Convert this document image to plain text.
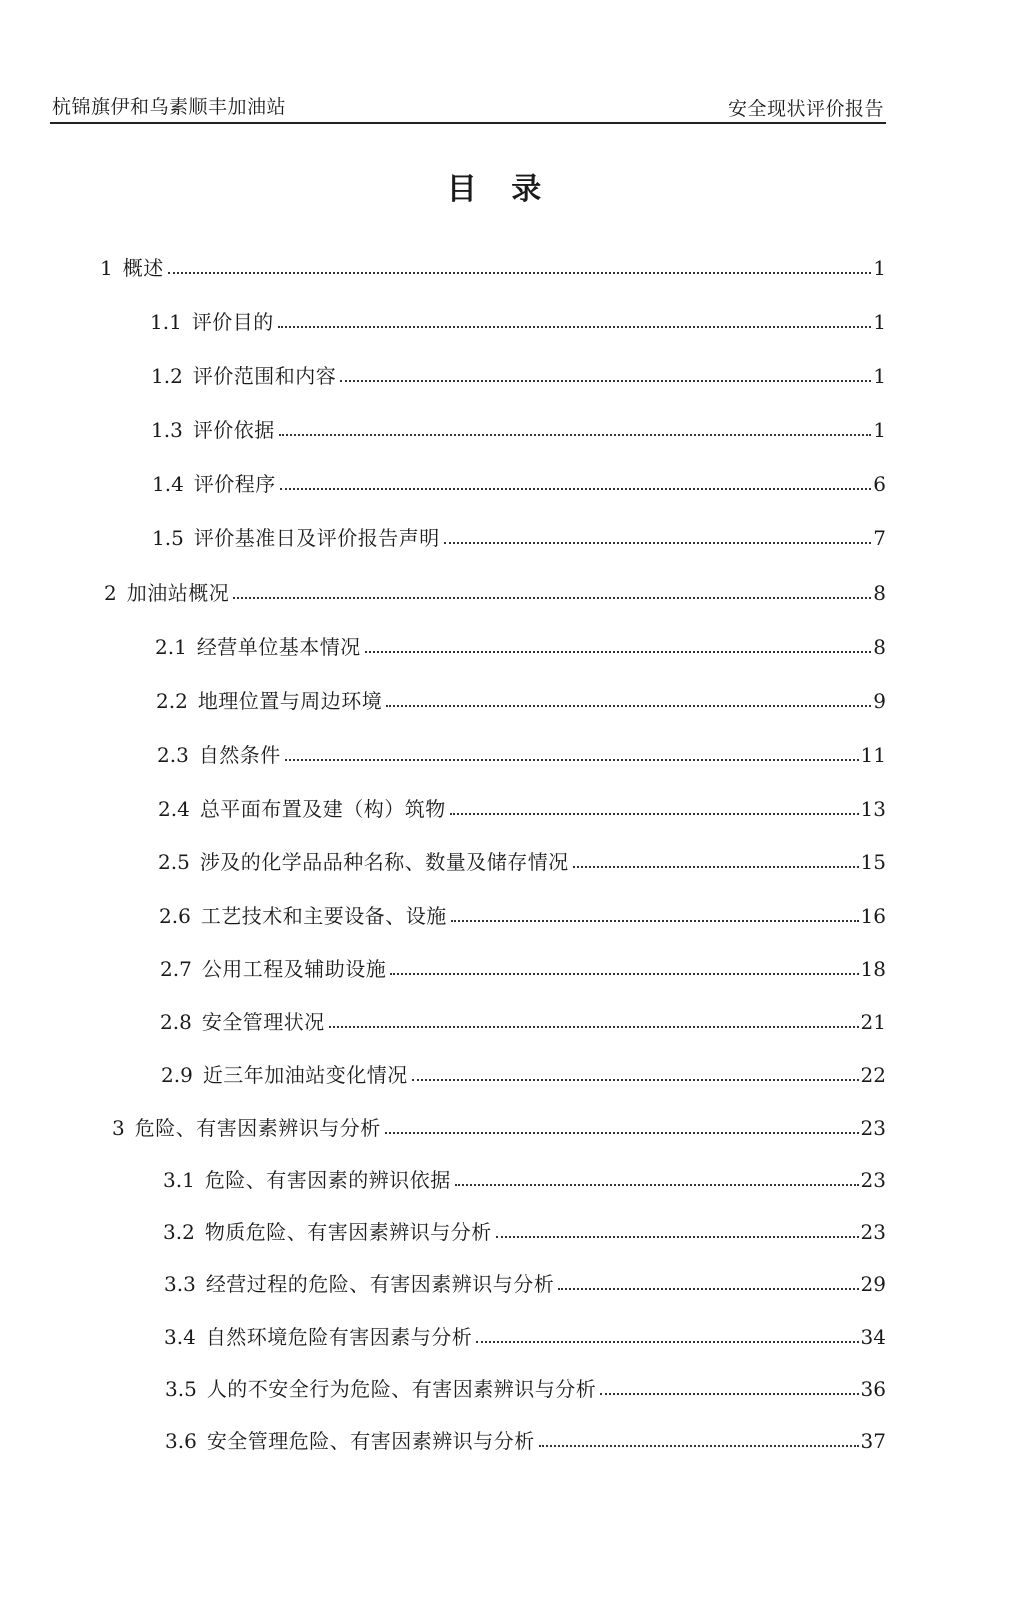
杭锦旗伊和乌素顺丰加油站	安全现状评价报告
目 录
1 概述	1
1.1 评价目的	1
1.2 评价范围和内容	1
1.3 评价依据	1
1.4 评价程序	6
1.5 评价基准日及评价报告声明	7
2 加油站概况	8
2.1 经营单位基本情况	8
2.2 地理位置与周边环境	9
2.3 自然条件	11
2.4 总平面布置及建（构）筑物	13
2.5 涉及的化学品品种名称、数量及储存情况	15
2.6 工艺技术和主要设备、设施	16
2.7 公用工程及辅助设施	18
2.8 安全管理状况	21
2.9 近三年加油站变化情况	22
3 危险、有害因素辨识与分析	23
3.1 危险、有害因素的辨识依据	23
3.2 物质危险、有害因素辨识与分析	23
3.3 经营过程的危险、有害因素辨识与分析	29
3.4 自然环境危险有害因素与分析	34
3.5 人的不安全行为危险、有害因素辨识与分析	36
3.6 安全管理危险、有害因素辨识与分析	37
